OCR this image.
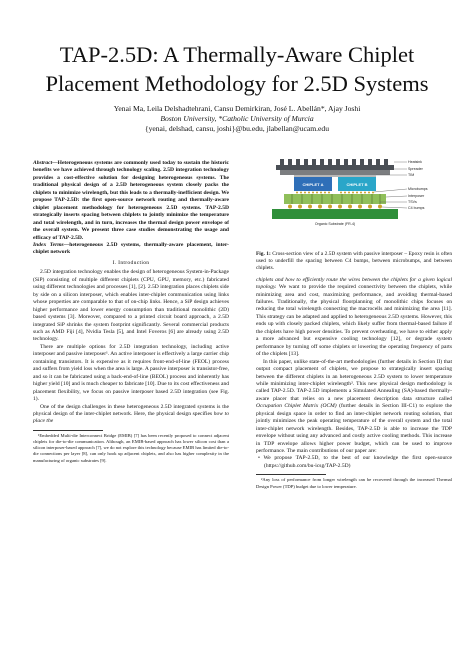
TAP-2.5D: A Thermally-Aware Chiplet Placement Methodology for 2.5D Systems
Yenai Ma, Leila Delshadtehrani, Cansu Demirkiran, José L. Abellán*, Ajay Joshi
Boston University, *Catholic University of Murcia
{yenai, delshad, cansu, joshi}@bu.edu, jlabellan@ucam.edu

Abstract—Heterogeneous systems are commonly used today to sustain the historic benefits we have achieved through technology scaling. 2.5D integration technology provides a cost-effective solution for designing heterogeneous systems. The traditional physical design of a 2.5D heterogeneous system closely packs the chiplets to minimize wirelength, but this leads to a thermally-inefficient design. We propose TAP-2.5D: the first open-source network routing and thermally-aware chiplet placement methodology for heterogeneous 2.5D systems. TAP-2.5D strategically inserts spacing between chiplets to jointly minimize the temperature and total wirelength, and in turn, increases the thermal design power envelope of the overall system. We present three case studies demonstrating the usage and efficacy of TAP-2.5D.

Index Terms—heterogeneous 2.5D systems, thermally-aware placement, inter-chiplet network

I. Introduction

2.5D integration technology enables the design of heterogeneous System-in-Package (SiP) consisting of multiple different chiplets (CPU, GPU, memory, etc.) fabricated using different technologies and processes [1], [2]. 2.5D integration places chiplets side by side on a silicon interposer, which enables inter-chiplet communication using links whose properties are comparable to that of on-chip links. Hence, a SiP design achieves higher performance and lower energy consumption than traditional monolithic (2D) based systems [3]. Moreover, compared to a printed circuit board approach, a 2.5D integrated SiP shrinks the system footprint significantly. Several commercial products such as AMD Fiji [4], Nvidia Tesla [5], and Intel Foveros [6] are already using 2.5D technology.

There are multiple options for 2.5D integration technology, including active interposer and passive interposer¹. An active interposer is effectively a large carrier chip containing transistors. It is expensive as it requires front-end-of-line (FEOL) process and suffers from yield loss when the area is large. A passive interposer is transistor-free, and so it can be fabricated using a back-end-of-line (BEOL) process and inherently has higher yield [10] and is much cheaper to fabricate [10]. Due to its cost effectiveness and placement flexibility, we focus on passive interposer based 2.5D integration (see Fig. 1).

One of the design challenges in these heterogeneous 2.5D integrated systems is the physical design of the inter-chiplet network. Here, the physical design specifies how to place the

¹Embedded Multi-die Interconnect Bridge (EMIB) [7] has been recently proposed to connect adjacent chiplets for die-to-die communication. Although, an EMIB-based approach has lower silicon cost than a silicon interposer-based approach [7], we do not explore this technology because EMIB has limited die-to-die connections per layer [8], can only hook up adjacent chiplets, and also has higher complexity in the manufacturing of organic substrates [9].

CHIPLET A	CHIPLET B
Organic Substrate (FR-4)
Heatsink
Spreader
TIM
Microbumps
Interposer
TSVs
C4 bumps

Fig. 1: Cross-section view of a 2.5D system with passive interposer – Epoxy resin is often used to underfill the spacing between C4 bumps, between microbumps, and between chiplets.

chiplets and how to efficiently route the wires between the chiplets for a given logical topology. We want to provide the required connectivity between the chiplets, while minimizing area and cost, maximizing performance, and avoiding thermal-based failures. Traditionally, the physical floorplanning of monolithic chips focuses on reducing the total wirelength connecting the macrocells and minimizing the area [11]. This strategy can be adapted and applied to heterogeneous 2.5D systems. However, this ends up with closely packed chiplets, which likely suffer from thermal-based failure if the chiplets have high power densities. To prevent overheating, we have to either apply a more advanced but expensive cooling technology [12], or degrade system performance by turning off some chiplets or lowering the operating frequency of parts of the chiplets [13].

In this paper, unlike state-of-the-art methodologies (further details in Section II) that output compact placement of chiplets, we propose to strategically insert spacing between the different chiplets in an heterogeneous 2.5D system to lower temperature while minimizing inter-chiplet wirelength². This new physical design methodology is called TAP-2.5D. TAP-2.5D implements a Simulated Annealing (SA)-based thermally-aware placer that relies on a new placement description data structure called Occupation Chiplet Matrix (OCM) (further details in Section III-C1) to explore the physical design space in order to find an inter-chiplet network routing solution, that jointly minimizes the peak operating temperature of the overall system and the total inter-chiplet network wirelength. Besides, TAP-2.5D is able to increase the TDP envelope without using any advanced and costly active cooling methods. This increase in TDP envelope allows higher power budget, which can be used to improve performance. The main contributions of our paper are:

• We propose TAP-2.5D, to the best of our knowledge the first open-source (https://github.com/bu-icsg/TAP-2.5D)

²Any loss of performance from longer wirelength can be recovered through the increased Thermal Design Power (TDP) budget due to lower temperature.
